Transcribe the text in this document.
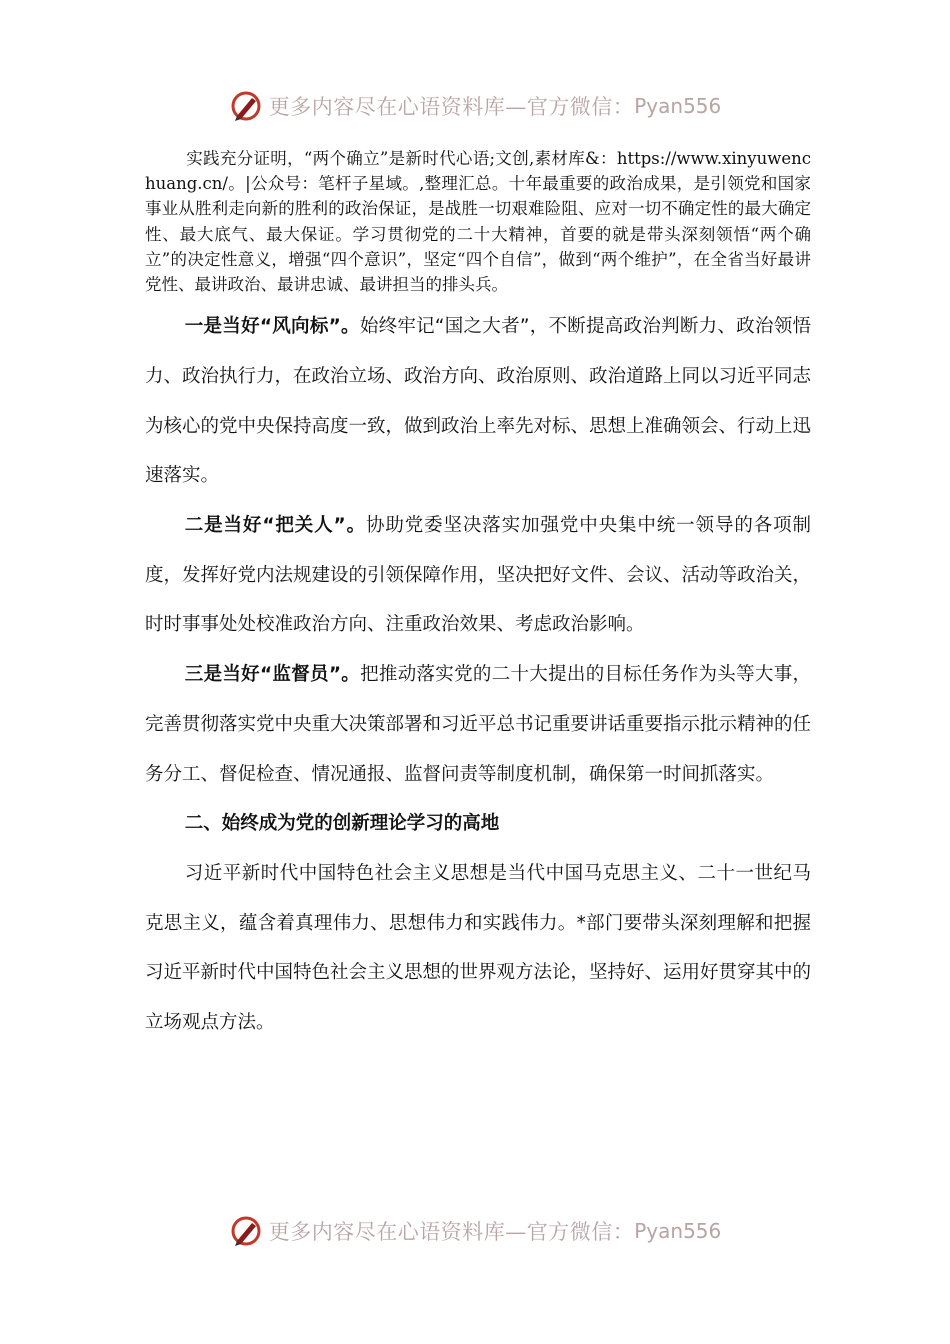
更多内容尽在心语资料库—官方微信： Pyan556

实践充分证明，“两个确立”是新时代心语;文创,素材库&：https://www.xinyuwenchuang.cn/。|公众号：笔杆子星域。,整理汇总。十年最重要的政治成果，是引领党和国家事业从胜利走向新的胜利的政治保证，是战胜一切艰难险阻、应对一切不确定性的最大确定性、最大底气、最大保证。学习贯彻党的二十大精神，首要的就是带头深刻领悟“两个确立”的决定性意义，增强“四个意识”，坚定“四个自信”，做到“两个维护”，在全省当好最讲党性、最讲政治、最讲忠诚、最讲担当的排头兵。

一是当好“风向标”。始终牢记“国之大者”，不断提高政治判断力、政治领悟力、政治执行力，在政治立场、政治方向、政治原则、政治道路上同以习近平同志为核心的党中央保持高度一致，做到政治上率先对标、思想上准确领会、行动上迅速落实。

二是当好“把关人”。协助党委坚决落实加强党中央集中统一领导的各项制度，发挥好党内法规建设的引领保障作用，坚决把好文件、会议、活动等政治关，时时事事处处校准政治方向、注重政治效果、考虑政治影响。

三是当好“监督员”。把推动落实党的二十大提出的目标任务作为头等大事，完善贯彻落实党中央重大决策部署和习近平总书记重要讲话重要指示批示精神的任务分工、督促检查、情况通报、监督问责等制度机制，确保第一时间抓落实。

二、始终成为党的创新理论学习的高地

习近平新时代中国特色社会主义思想是当代中国马克思主义、二十一世纪马克思主义，蕴含着真理伟力、思想伟力和实践伟力。*部门要带头深刻理解和把握习近平新时代中国特色社会主义思想的世界观方法论，坚持好、运用好贯穿其中的立场观点方法。

更多内容尽在心语资料库—官方微信： Pyan556
